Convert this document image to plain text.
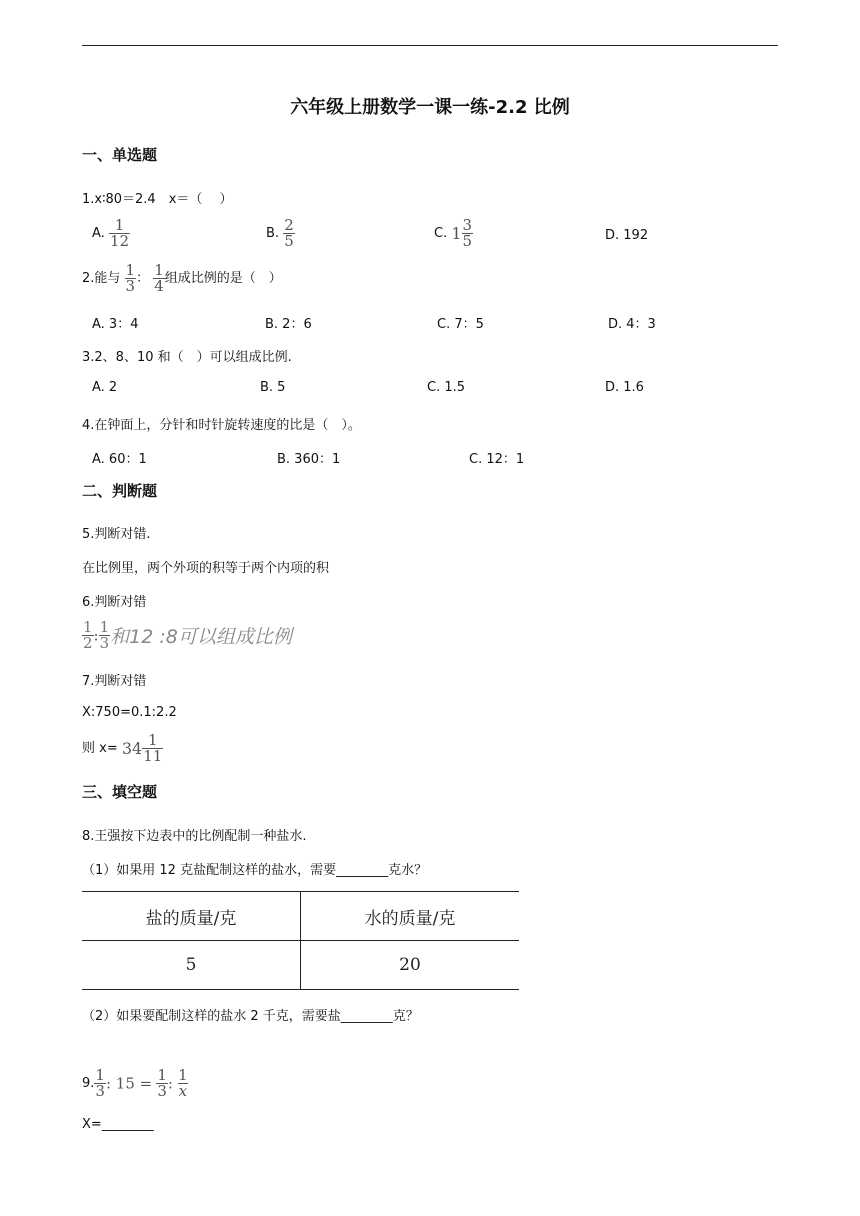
六年级上册数学一课一练-2.2 比例
一、单选题
1.x∶80＝2.4　x＝（　 ）
A. $\frac{1}{12}$	B. $\frac{2}{5}$	C. $1 \frac{3}{5}$	D. 192
2.能与 $\frac{1}{3}$ ： $\frac{1}{4}$ 组成比例的是（　）
A. 3：4	B. 2：6	C. 7：5	D. 4：3
3.2、8、10 和（　）可以组成比例.
A. 2	B. 5	C. 1.5	D. 1.6
4.在钟面上，分针和时针旋转速度的比是（　）。
A. 60：1	B. 360：1	C. 12：1
二、判断题
5.判断对错.
在比例里，两个外项的积等于两个内项的积
6.判断对错
$\frac{1}{2}$ : $\frac{1}{3}$ 和12 :8可以组成比例
7.判断对错
X:750=0.1:2.2
则 $x= 34 \frac{1}{11}$
三、填空题
8.王强按下边表中的比例配制一种盐水.
（1）如果用 12 克盐配制这样的盐水，需要________克水？
盐的质量/克	水的质量/克
5	20
（2）如果要配制这样的盐水 2 千克，需要盐________克？
9. $\frac{1}{3}$ : $15 = \frac{1}{3}$ : $\frac{1}{x}$
X=________
